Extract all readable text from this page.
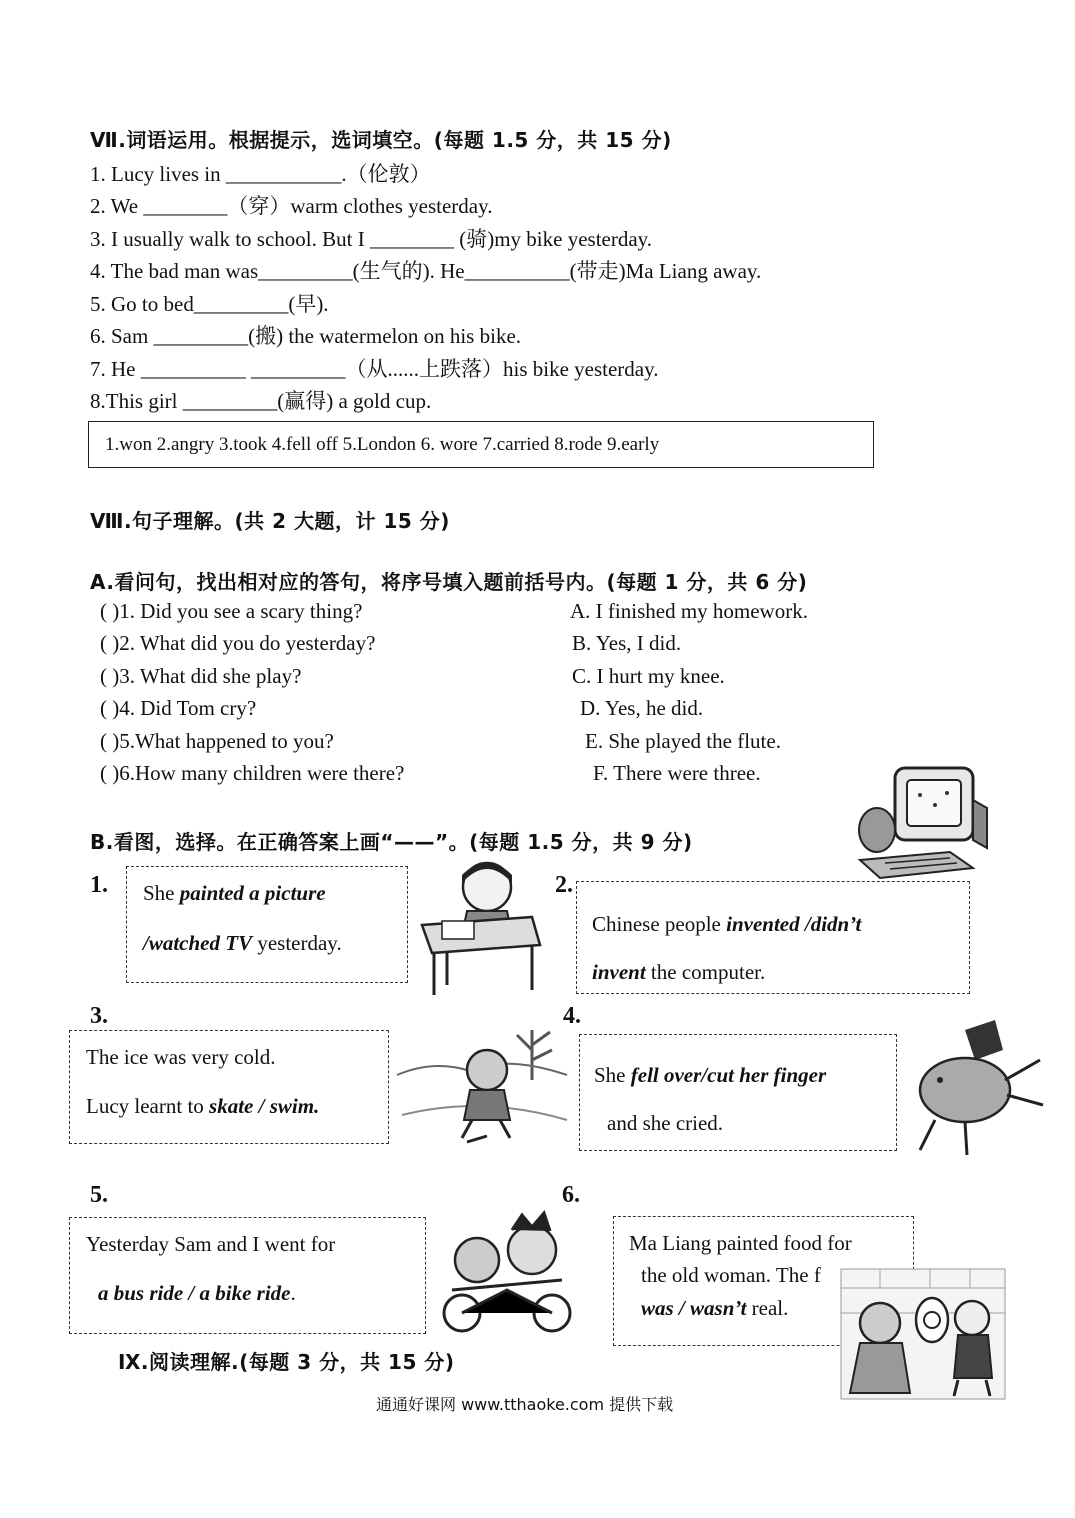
Ⅶ.词语运用。根据提示，选词填空。(每题 1.5 分，共 15 分)
1. Lucy lives in ___________.（伦敦）
2. We ________（穿）warm clothes yesterday.
3. I usually walk to school. But I ________ (骑)my bike yesterday.
4. The bad man was_________(生气的). He__________(带走)Ma Liang away.
5. Go to bed_________(早).
6. Sam _________(搬) the watermelon on his bike.
7. He __________ _________（从......上跌落）his bike yesterday.
8.This girl _________(赢得) a gold cup.
1.won 2.angry 3.took 4.fell off 5.London 6. wore 7.carried 8.rode 9.early
Ⅷ.句子理解。(共 2 大题，计 15 分)
A.看问句，找出相对应的答句，将序号填入题前括号内。(每题 1 分，共 6 分)
( )1. Did you see a scary thing?
( )2. What did you do yesterday?
( )3. What did she play?
( )4. Did Tom cry?
( )5.What happened to you?
( )6.How many children were there?
A. I finished my homework.
B. Yes, I did.
C. I hurt my knee.
D. Yes, he did.
E. She played the flute.
F. There were three.
B.看图，选择。在正确答案上画“——”。(每题 1.5 分，共 9 分)
1. She painted a picture
/watched TV yesterday.
2.
Chinese people invented /didn’t
invent the computer.
3.
The ice was very cold.
Lucy learnt to skate / swim.
4.
She fell over/cut her finger
and she cried.
5.
Yesterday Sam and I went for
a bus ride / a bike ride.
6.
Ma Liang painted food for
the old woman. The f
was / wasn’t real.
Ⅸ.阅读理解.(每题 3 分，共 15 分)
通通好课网 www.tthaoke.com 提供下载
